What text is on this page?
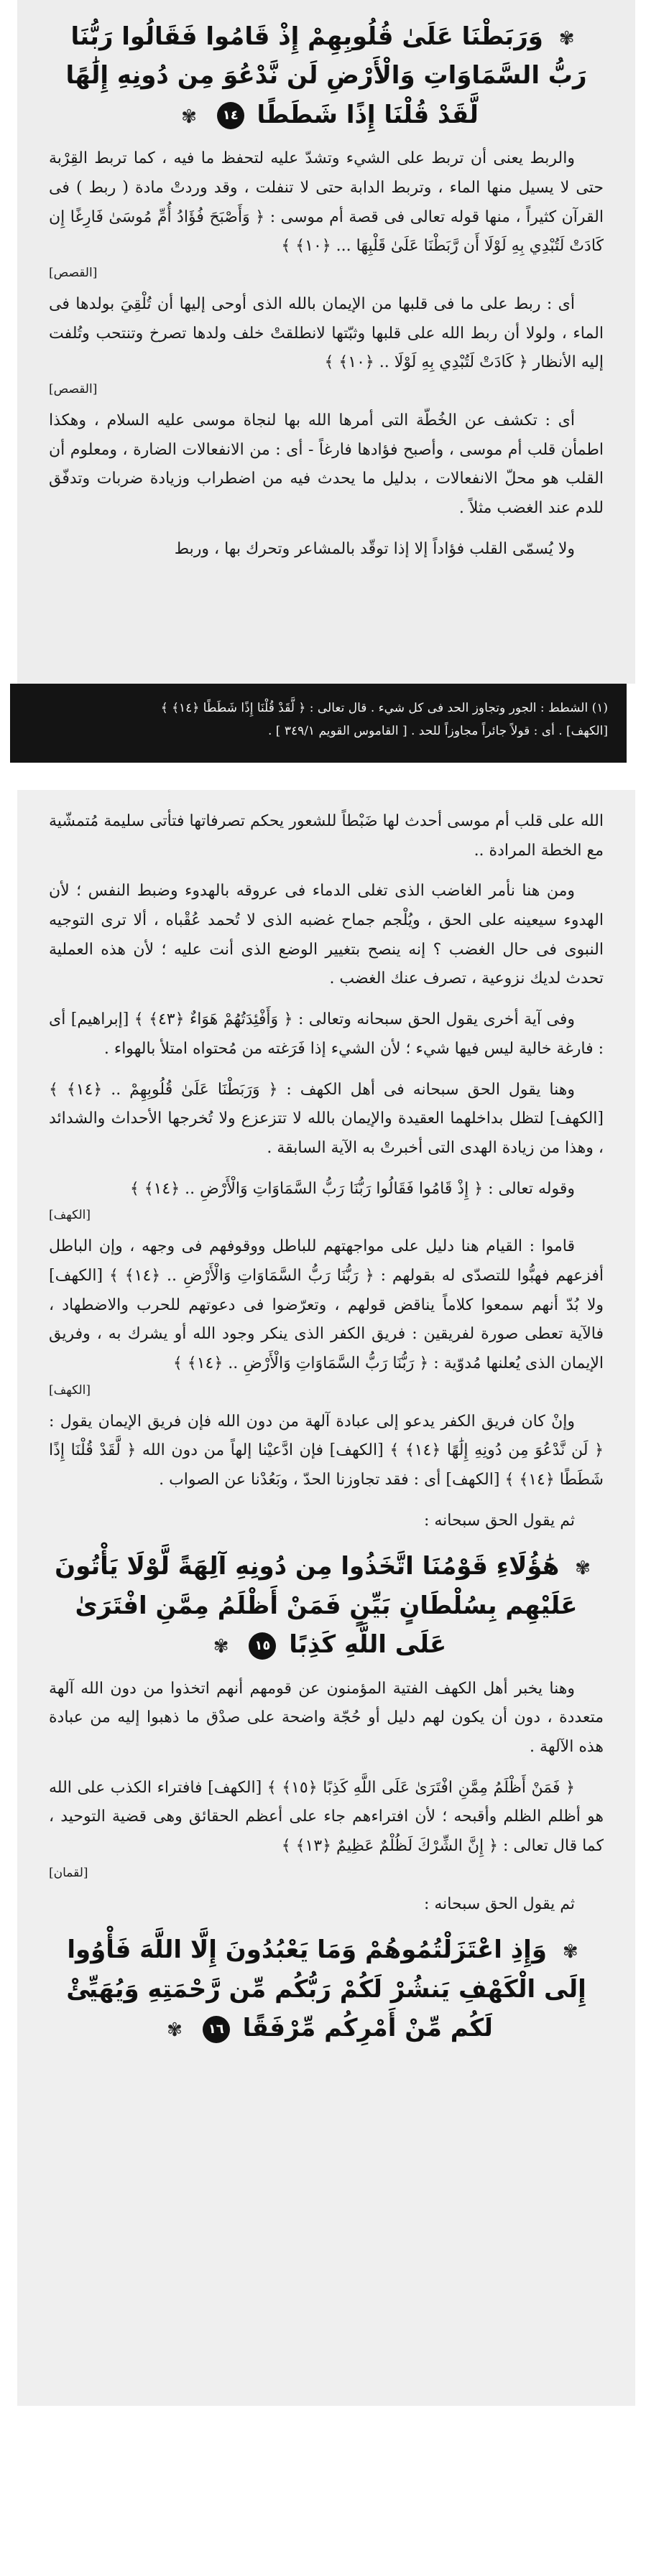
✾ وَرَبَطْنَا عَلَىٰ قُلُوبِهِمْ إِذْ قَامُوا فَقَالُوا رَبُّنَا رَبُّ السَّمَاوَاتِ وَالْأَرْضِ لَن نَّدْعُوَ مِن دُونِهِ إِلَٰهًا لَّقَدْ قُلْنَا إِذًا شَطَطًا ١٤ ✾

والربط يعنى أن تربط على الشيء وتشدّ عليه لتحفظ ما فيه ، كما تربط القِرْبة حتى لا يسيل منها الماء ، وتربط الدابة حتى لا تنفلت ، وقد وردتْ مادة ( ربط ) فى القرآن كثيراً ، منها قوله تعالى فى قصة أم موسى : ﴿ وَأَصْبَحَ فُؤَادُ أُمِّ مُوسَىٰ فَارِغًا إِن كَادَتْ لَتُبْدِي بِهِ لَوْلَا أَن رَّبَطْنَا عَلَىٰ قَلْبِهَا ... ﴿١٠﴾ ﴾

[القصص]

أى : ربط على ما فى قلبها من الإيمان بالله الذى أوحى إليها أن تُلْقِيَ بولدها فى الماء ، ولولا أن ربط الله على قلبها وثبّتها لانطلقتْ خلف ولدها تصرخ وتنتحب وتُلفت إليه الأنظار ﴿ كَادَتْ لَتُبْدِي بِهِ لَوْلَا .. ﴿١٠﴾ ﴾

[القصص]

أى : تكشف عن الخُطّة التى أمرها الله بها لنجاة موسى عليه السلام ، وهكذا اطمأن قلب أم موسى ، وأصبح فؤادها فارغاً - أى : من الانفعالات الضارة ، ومعلوم أن القلب هو محلّ الانفعالات ، بدليل ما يحدث فيه من اضطراب وزيادة ضربات وتدفّق للدم عند الغضب مثلاً .

ولا يُسمّى القلب فؤاداً إلا إذا توقّد بالمشاعر وتحرك بها ، وربط

(١) الشطط : الجور وتجاوز الحد فى كل شيء . قال تعالى : ﴿ لَّقَدْ قُلْنَا إِذًا شَطَطًا ﴿١٤﴾ ﴾
[الكهف] . أى : قولاً جائراً مجاوزاً للحد . [ القاموس القويم ٣٤٩/١ ] .

الله على قلب أم موسى أحدث لها ضَبْطاً للشعور يحكم تصرفاتها فتأتى سليمة مُتمشّية مع الخطة المرادة ..

ومن هنا نأمر الغاضب الذى تغلى الدماء فى عروقه بالهدوء وضبط النفس ؛ لأن الهدوء سيعينه على الحق ، ويُلْجم جماح غضبه الذى لا تُحمد عُقْباه ، ألا ترى التوجيه النبوى فى حال الغضب ؟ إنه ينصح بتغيير الوضع الذى أنت عليه ؛ لأن هذه العملية تحدث لديك نزوعية ، تصرف عنك الغضب .

وفى آية أخرى يقول الحق سبحانه وتعالى : ﴿ وَأَفْئِدَتُهُمْ هَوَاءٌ ﴿٤٣﴾ ﴾ [إبراهيم] أى : فارغة خالية ليس فيها شيء ؛ لأن الشيء إذا فَرَغته من مُحتواه امتلأ بالهواء .

وهنا يقول الحق سبحانه فى أهل الكهف : ﴿ وَرَبَطْنَا عَلَىٰ قُلُوبِهِمْ .. ﴿١٤﴾ ﴾ [الكهف] لتظل بداخلهما العقيدة والإيمان بالله لا تتزعزع ولا تُخرجها الأحداث والشدائد ، وهذا من زيادة الهدى التى أخبرتْ به الآية السابقة .

وقوله تعالى : ﴿ إِذْ قَامُوا فَقَالُوا رَبُّنَا رَبُّ السَّمَاوَاتِ وَالْأَرْضِ .. ﴿١٤﴾ ﴾

[الكهف]

قاموا : القيام هنا دليل على مواجهتهم للباطل ووقوفهم فى وجهه ، وإن الباطل أفزعهم فهبُّوا للتصدّى له بقولهم : ﴿ رَبُّنَا رَبُّ السَّمَاوَاتِ وَالْأَرْضِ .. ﴿١٤﴾ ﴾ [الكهف] ولا بُدّ أنهم سمعوا كلاماً يناقض قولهم ، وتعرّضوا فى دعوتهم للحرب والاضطهاد ، فالآية تعطى صورة لفريقين : فريق الكفر الذى ينكر وجود الله أو يشرك به ، وفريق الإيمان الذى يُعلنها مُدوّية : ﴿ رَبُّنَا رَبُّ السَّمَاوَاتِ وَالْأَرْضِ .. ﴿١٤﴾ ﴾

[الكهف]

وإنْ كان فريق الكفر يدعو إلى عبادة آلهة من دون الله فإن فريق الإيمان يقول : ﴿ لَن نَّدْعُوَ مِن دُونِهِ إِلَٰهًا ﴿١٤﴾ ﴾ [الكهف] فإن ادَّعيْنا إلهاً من دون الله ﴿ لَّقَدْ قُلْنَا إِذًا شَطَطًا ﴿١٤﴾ ﴾ [الكهف] أى : فقد تجاوزنا الحدّ ، وبَعُدْنا عن الصواب .

ثم يقول الحق سبحانه :

✾ هَٰؤُلَاءِ قَوْمُنَا اتَّخَذُوا مِن دُونِهِ آلِهَةً لَّوْلَا يَأْتُونَ عَلَيْهِم بِسُلْطَانٍ بَيِّنٍ فَمَنْ أَظْلَمُ مِمَّنِ افْتَرَىٰ عَلَى اللَّهِ كَذِبًا ١٥ ✾

وهنا يخبر أهل الكهف الفتية المؤمنون عن قومهم أنهم اتخذوا من دون الله آلهة متعددة ، دون أن يكون لهم دليل أو حُجّة واضحة على صدْق ما ذهبوا إليه من عبادة هذه الآلهة .

﴿ فَمَنْ أَظْلَمُ مِمَّنِ افْتَرَىٰ عَلَى اللَّهِ كَذِبًا ﴿١٥﴾ ﴾ [الكهف] فافتراء الكذب على الله هو أظلم الظلم وأقبحه ؛ لأن افتراءهم جاء على أعظم الحقائق وهى قضية التوحيد ، كما قال تعالى : ﴿ إِنَّ الشِّرْكَ لَظُلْمٌ عَظِيمٌ ﴿١٣﴾ ﴾

[لقمان]

ثم يقول الحق سبحانه :

✾ وَإِذِ اعْتَزَلْتُمُوهُمْ وَمَا يَعْبُدُونَ إِلَّا اللَّهَ فَأْوُوا إِلَى الْكَهْفِ يَنشُرْ لَكُمْ رَبُّكُم مِّن رَّحْمَتِهِ وَيُهَيِّئْ لَكُم مِّنْ أَمْرِكُم مِّرْفَقًا ١٦ ✾
